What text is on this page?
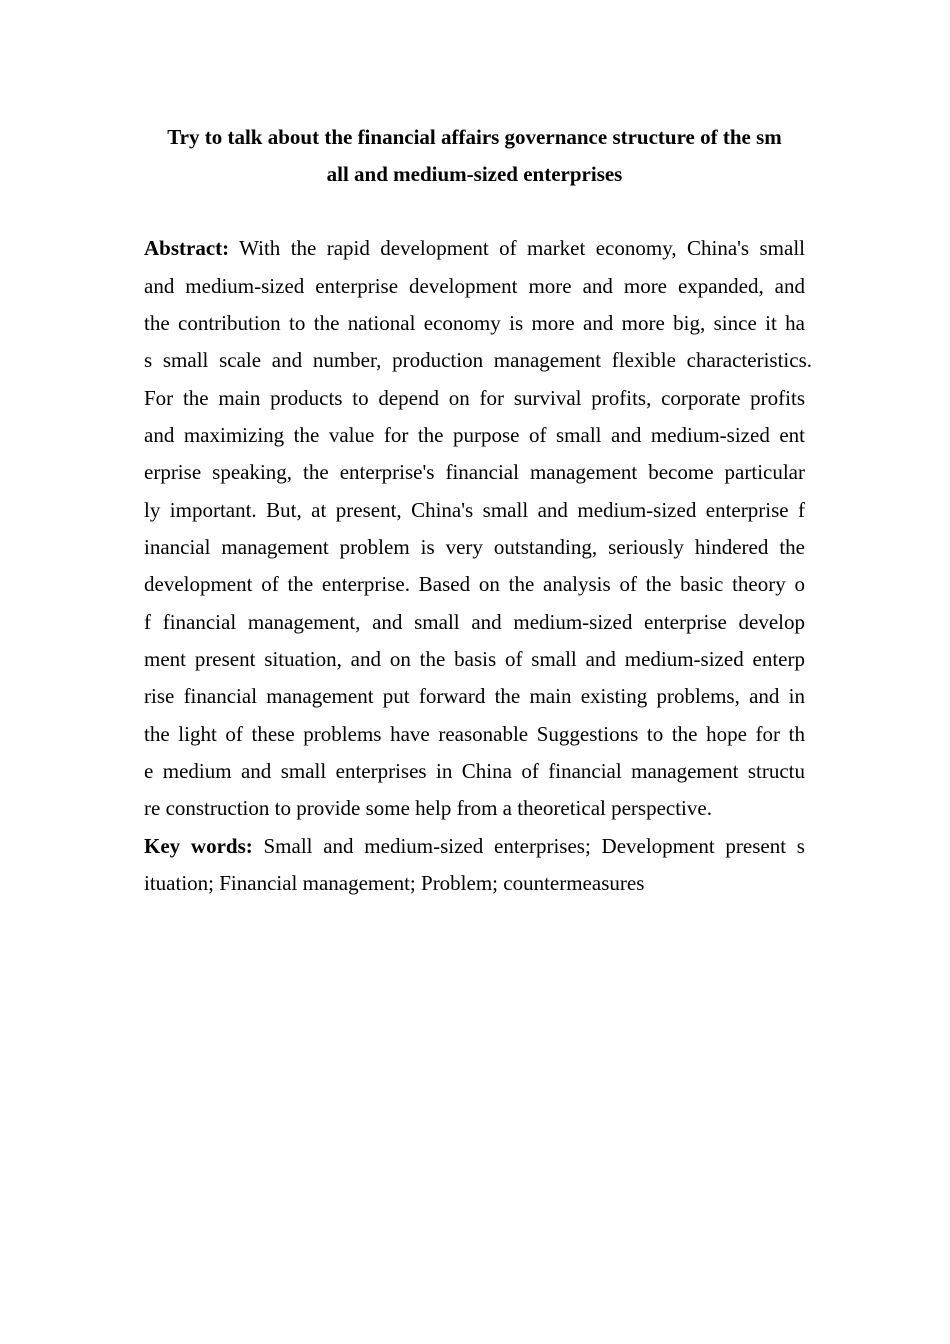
Try to talk about the financial affairs governance structure of the sm
all and medium-sized enterprises
Abstract: With the rapid development of market economy, China's small
and medium-sized enterprise development more and more expanded, and
the contribution to the national economy is more and more big, since it ha
s small scale and number, production management flexible characteristics.
For the main products to depend on for survival profits, corporate profits
and maximizing the value for the purpose of small and medium-sized ent
erprise speaking, the enterprise's financial management become particular
ly important. But, at present, China's small and medium-sized enterprise f
inancial management problem is very outstanding, seriously hindered the
development of the enterprise. Based on the analysis of the basic theory o
f financial management, and small and medium-sized enterprise develop
ment present situation, and on the basis of small and medium-sized enterp
rise financial management put forward the main existing problems, and in
the light of these problems have reasonable Suggestions to the hope for th
e medium and small enterprises in China of financial management structu
re construction to provide some help from a theoretical perspective.
Key words: Small and medium-sized enterprises; Development present s
ituation; Financial management; Problem; countermeasures
